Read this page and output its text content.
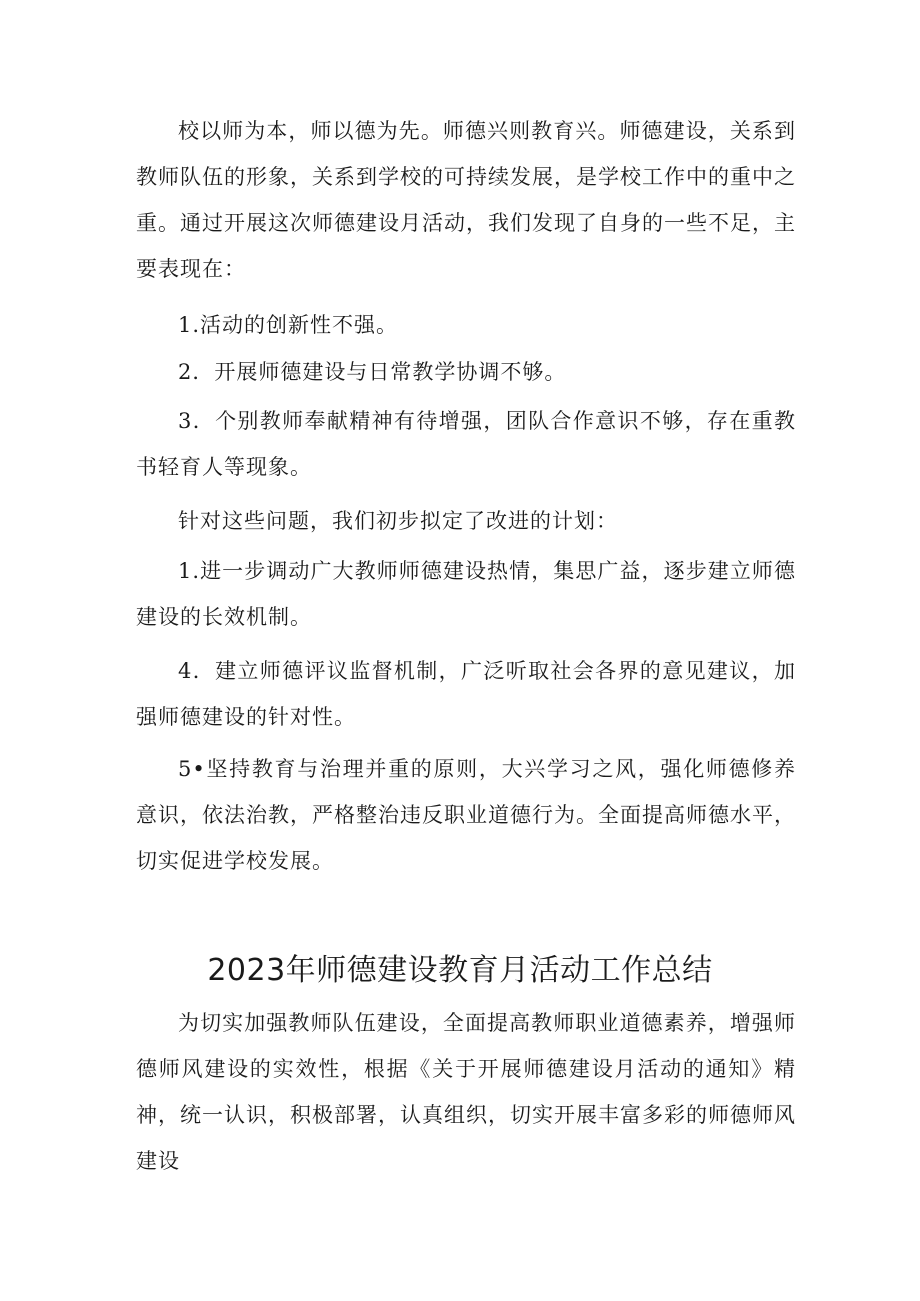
校以师为本，师以德为先。师德兴则教育兴。师德建设，关系到教师队伍的形象，关系到学校的可持续发展，是学校工作中的重中之重。通过开展这次师德建设月活动，我们发现了自身的一些不足，主要表现在：

1.活动的创新性不强。

2．开展师德建设与日常教学协调不够。

3．个别教师奉献精神有待增强，团队合作意识不够，存在重教书轻育人等现象。

针对这些问题，我们初步拟定了改进的计划：

1.进一步调动广大教师师德建设热情，集思广益，逐步建立师德建设的长效机制。

4．建立师德评议监督机制，广泛听取社会各界的意见建议，加强师德建设的针对性。

5•坚持教育与治理并重的原则，大兴学习之风，强化师德修养意识，依法治教，严格整治违反职业道德行为。全面提高师德水平，切实促进学校发展。

2023年师德建设教育月活动工作总结

为切实加强教师队伍建设，全面提高教师职业道德素养，增强师德师风建设的实效性，根据《关于开展师德建设月活动的通知》精神，统一认识，积极部署，认真组织，切实开展丰富多彩的师德师风建设
